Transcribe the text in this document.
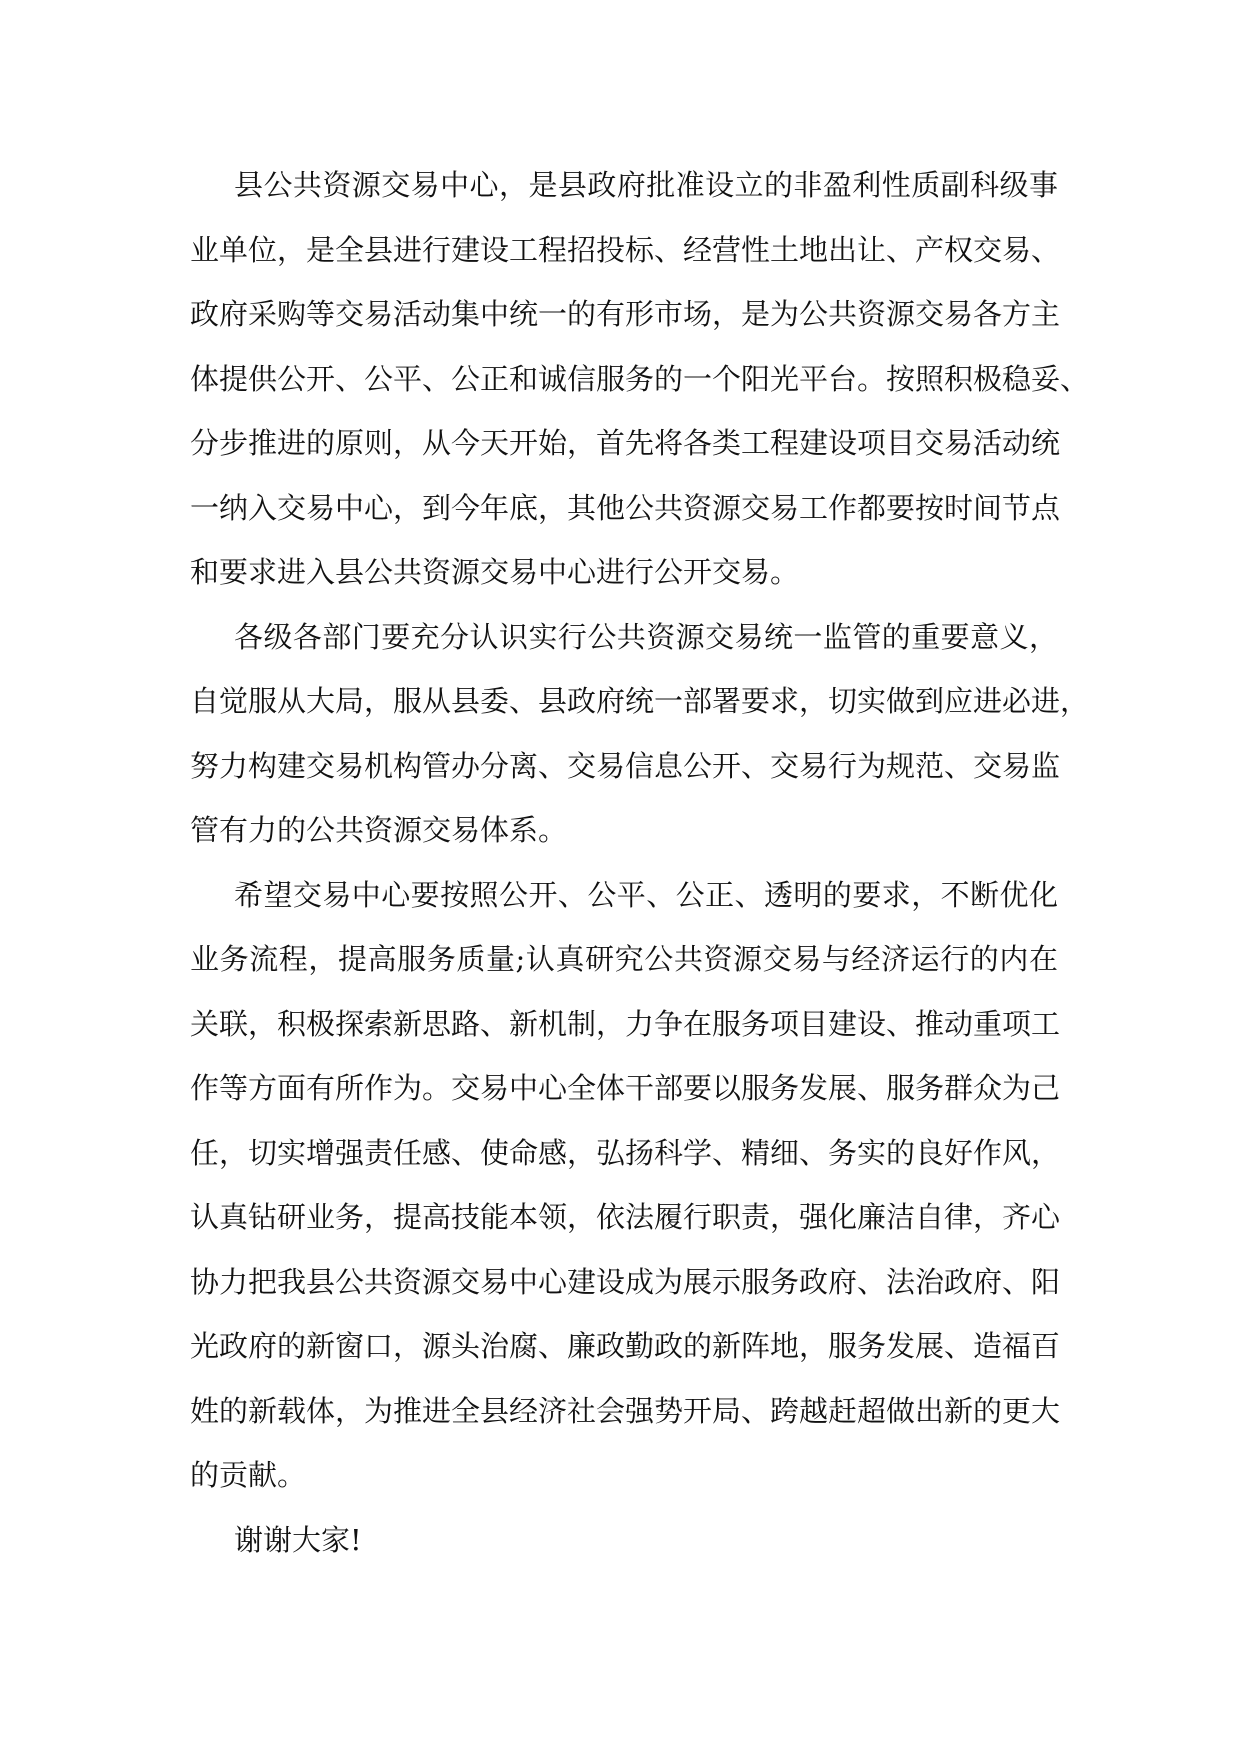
县公共资源交易中心，是县政府批准设立的非盈利性质副科级事
业单位，是全县进行建设工程招投标、经营性土地出让、产权交易、
政府采购等交易活动集中统一的有形市场，是为公共资源交易各方主
体提供公开、公平、公正和诚信服务的一个阳光平台。按照积极稳妥、
分步推进的原则，从今天开始，首先将各类工程建设项目交易活动统
一纳入交易中心，到今年底，其他公共资源交易工作都要按时间节点
和要求进入县公共资源交易中心进行公开交易。

各级各部门要充分认识实行公共资源交易统一监管的重要意义，
自觉服从大局，服从县委、县政府统一部署要求，切实做到应进必进，
努力构建交易机构管办分离、交易信息公开、交易行为规范、交易监
管有力的公共资源交易体系。

希望交易中心要按照公开、公平、公正、透明的要求，不断优化
业务流程，提高服务质量;认真研究公共资源交易与经济运行的内在
关联，积极探索新思路、新机制，力争在服务项目建设、推动重项工
作等方面有所作为。交易中心全体干部要以服务发展、服务群众为己
任，切实增强责任感、使命感，弘扬科学、精细、务实的良好作风，
认真钻研业务，提高技能本领，依法履行职责，强化廉洁自律，齐心
协力把我县公共资源交易中心建设成为展示服务政府、法治政府、阳
光政府的新窗口，源头治腐、廉政勤政的新阵地，服务发展、造福百
姓的新载体，为推进全县经济社会强势开局、跨越赶超做出新的更大
的贡献。

谢谢大家!
